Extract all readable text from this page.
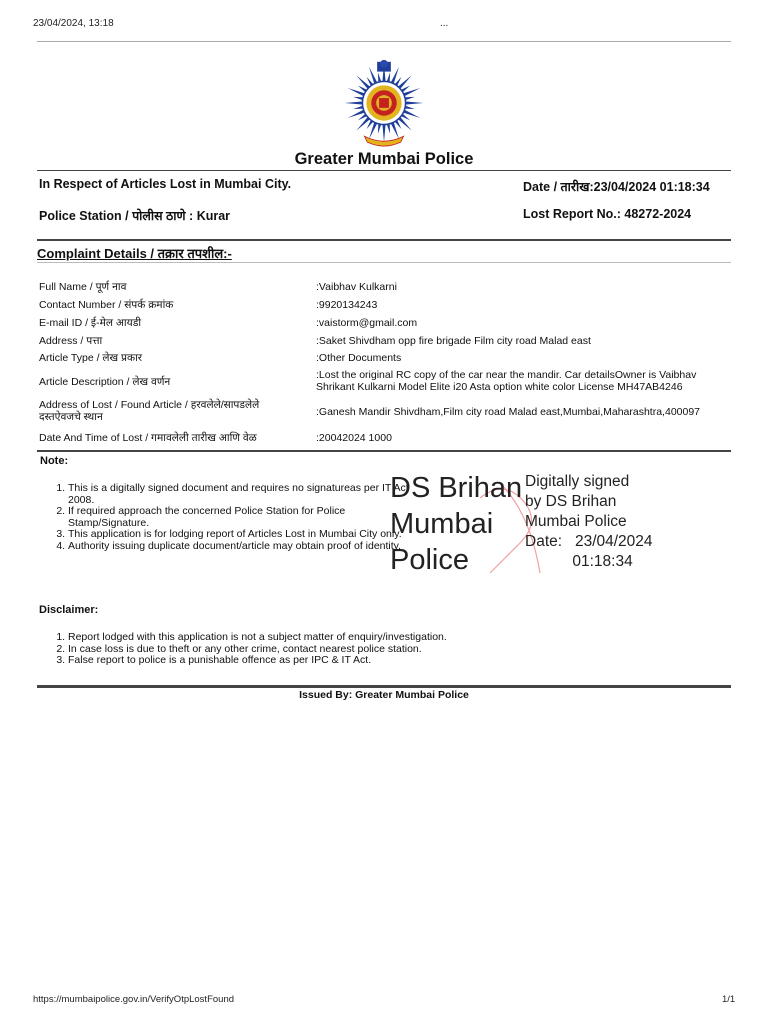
23/04/2024, 13:18	...
Greater Mumbai Police
In Respect of Articles Lost in Mumbai City.	Date / तारीख:23/04/2024 01:18:34
Police Station / पोलीस ठाणे : Kurar	Lost Report No.: 48272-2024
Complaint Details / तक्रार तपशील:-
Full Name / पूर्ण नाव	:Vaibhav Kulkarni
Contact Number / संपर्क क्रमांक	:9920134243
E-mail ID / ई-मेल आयडी	:vaistorm@gmail.com
Address / पत्ता	:Saket Shivdham opp fire brigade Film city road Malad east
Article Type / लेख प्रकार	:Other Documents
Article Description / लेख वर्णन
:Lost the original RC copy of the car near the mandir. Car detailsOwner is Vaibhav Shrikant Kulkarni Model Elite i20 Asta option white color License MH47AB4246
Address of Lost / Found Article / हरवलेले/सापडलेले दस्तऐवजचे स्थान	:Ganesh Mandir Shivdham,Film city road Malad east,Mumbai,Maharashtra,400097
Date And Time of Lost / गमावलेली तारीख आणि वेळ	:20042024 1000
Note:
1. This is a digitally signed document and requires no signatureas per IT Act 2008.
2. If required approach the concerned Police Station for Police Stamp/Signature.
3. This application is for lodging report of Articles Lost in Mumbai City only.
4. Authority issuing duplicate document/article may obtain proof of identity.
DS Brihan
Mumbai
Police
Digitally signed
by DS Brihan
Mumbai Police
Date:   23/04/2024
01:18:34
Disclaimer:
1. Report lodged with this application is not a subject matter of enquiry/investigation.
2. In case loss is due to theft or any other crime, contact nearest police station.
3. False report to police is a punishable offence as per IPC & IT Act.
Issued By: Greater Mumbai Police
https://mumbaipolice.gov.in/VerifyOtpLostFound	1/1
